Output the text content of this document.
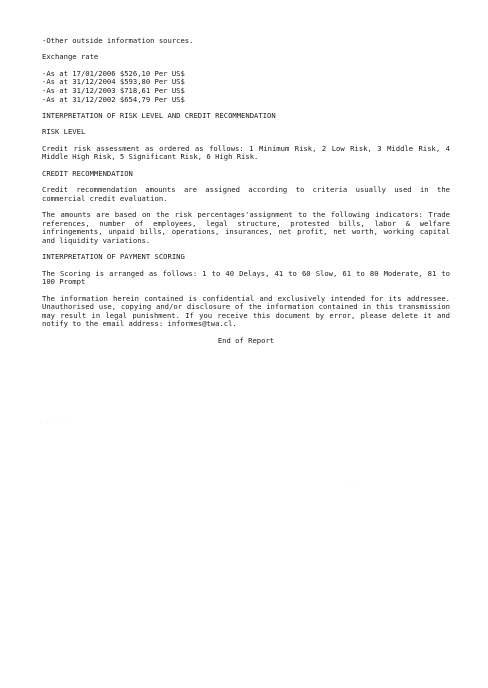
-Other outside information sources.

Exchange rate

-As at 17/01/2006 $526,10 Per US$

-As at 31/12/2004 $593,80 Per US$

-As at 31/12/2003 $718,61 Per US$

-As at 31/12/2002 $654,79 Per US$

INTERPRETATION OF RISK LEVEL AND CREDIT RECOMMENDATION

RISK LEVEL

Credit risk assessment as ordered as follows: 1 Minimum Risk, 2 Low Risk, 3 Middle Risk, 4 Middle High Risk, 5 Significant Risk, 6 High Risk.

CREDIT RECOMMENDATION

Credit recommendation amounts are assigned according to criteria usually used in the commercial credit evaluation.

The amounts are based on the risk percentages'assignment to the following indicators: Trade references, number of employees, legal structure, protested bills, labor & welfare infringements, unpaid bills, operations, insurances, net profit, net worth, working capital and liquidity variations.

INTERPRETATION OF PAYMENT SCORING

The Scoring is arranged as follows: 1 to 40 Delays, 41 to 60 Slow, 61 to 80 Moderate, 81 to 100 Prompt

The information herein contained is confidential and exclusively intended for its addressee. Unauthorised use, copying and/or disclosure of the information contained in this transmission may result in legal punishment. If you receive this document by error, please delete it and notify to the email address: informes@twa.cl.

End of Report

· · · · ·
· ·
